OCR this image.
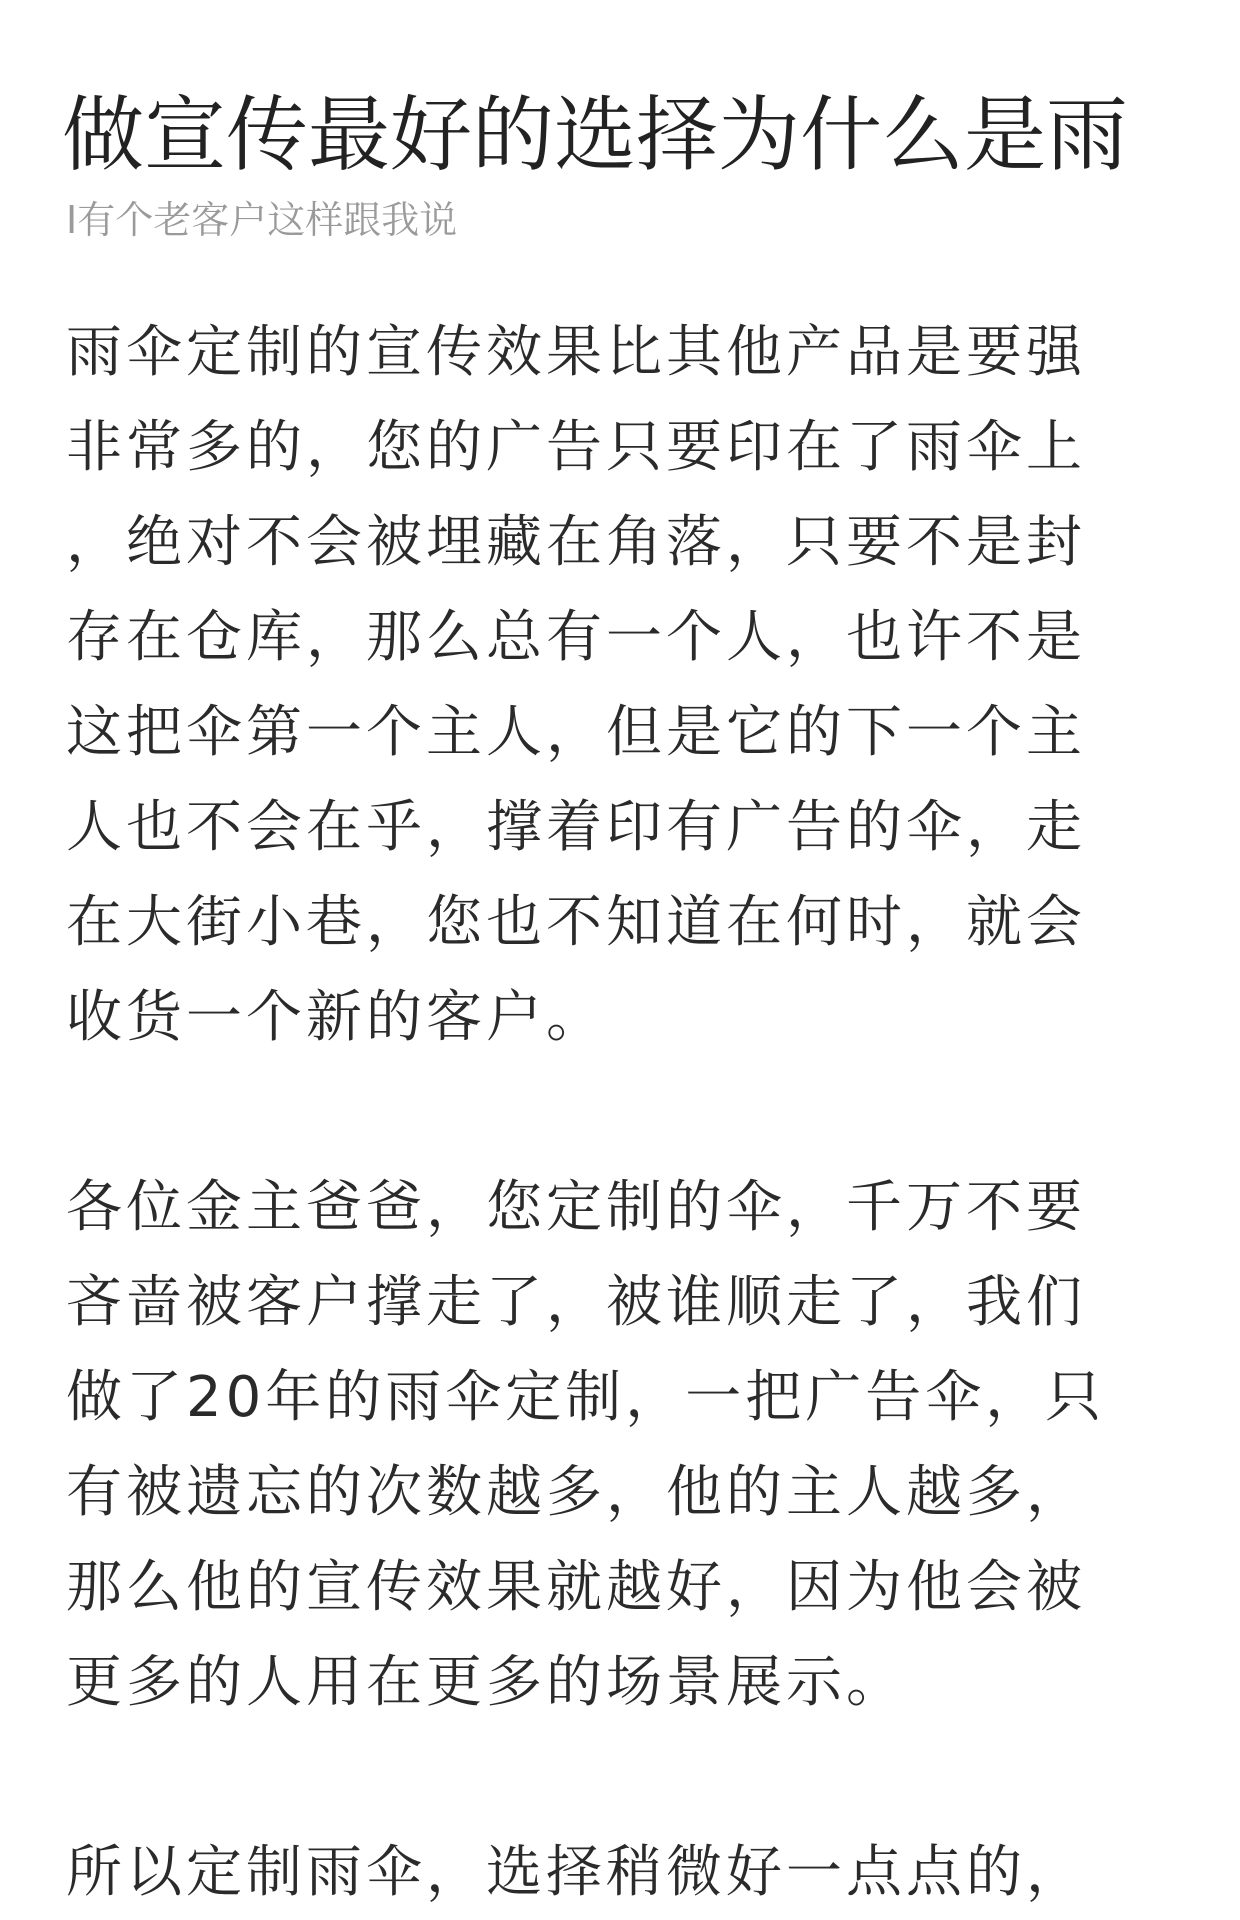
做宣传最好的选择为什么是雨

I有个老客户这样跟我说

雨伞定制的宣传效果比其他产品是要强
非常多的，您的广告只要印在了雨伞上
，绝对不会被埋藏在角落，只要不是封
存在仓库，那么总有一个人，也许不是
这把伞第一个主人，但是它的下一个主
人也不会在乎，撑着印有广告的伞，走
在大街小巷，您也不知道在何时，就会
收货一个新的客户。

各位金主爸爸，您定制的伞，千万不要
吝啬被客户撑走了，被谁顺走了，我们
做了20年的雨伞定制，一把广告伞，只
有被遗忘的次数越多，他的主人越多，
那么他的宣传效果就越好，因为他会被
更多的人用在更多的场景展示。

所以定制雨伞，选择稍微好一点点的，
